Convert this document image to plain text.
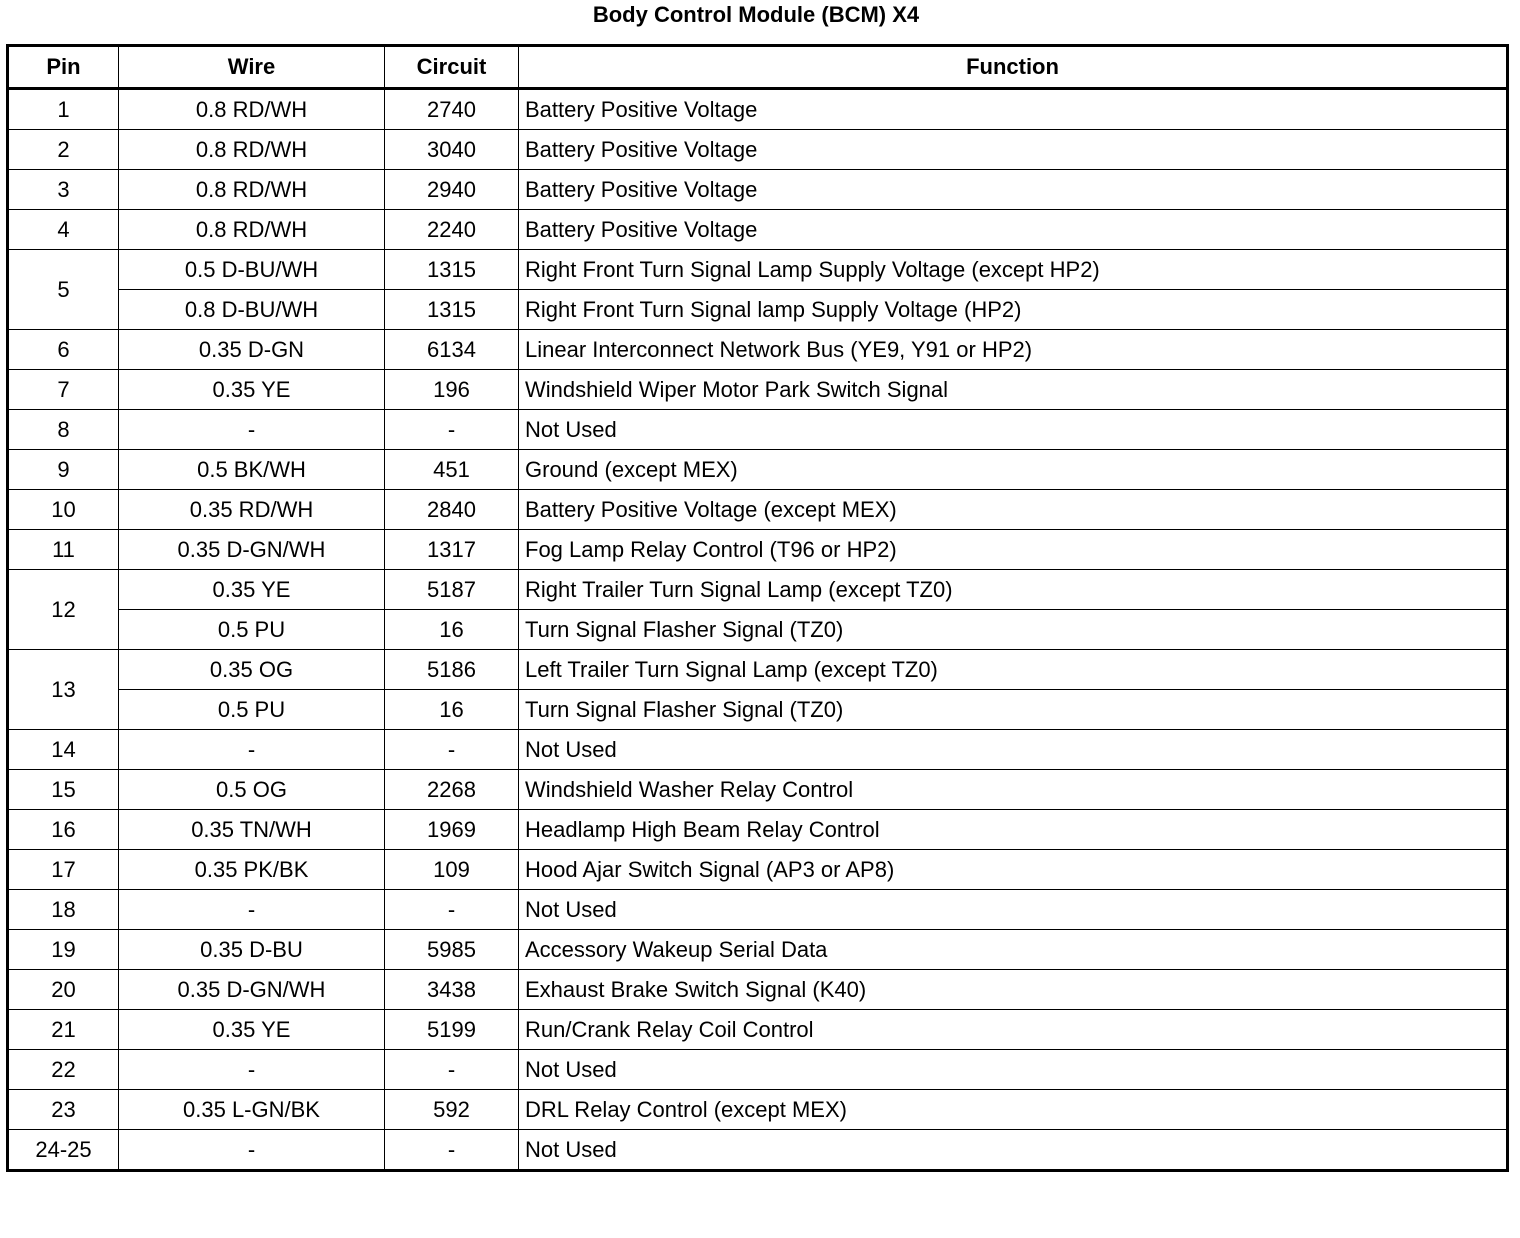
Body Control Module (BCM) X4
Pin	Wire	Circuit	Function
1	0.8 RD/WH	2740	Battery Positive Voltage
2	0.8 RD/WH	3040	Battery Positive Voltage
3	0.8 RD/WH	2940	Battery Positive Voltage
4	0.8 RD/WH	2240	Battery Positive Voltage
5	0.5 D-BU/WH	1315	Right Front Turn Signal Lamp Supply Voltage (except HP2)
	0.8 D-BU/WH	1315	Right Front Turn Signal lamp Supply Voltage (HP2)
6	0.35 D-GN	6134	Linear Interconnect Network Bus (YE9, Y91 or HP2)
7	0.35 YE	196	Windshield Wiper Motor Park Switch Signal
8	-	-	Not Used
9	0.5 BK/WH	451	Ground (except MEX)
10	0.35 RD/WH	2840	Battery Positive Voltage (except MEX)
11	0.35 D-GN/WH	1317	Fog Lamp Relay Control (T96 or HP2)
12	0.35 YE	5187	Right Trailer Turn Signal Lamp (except TZ0)
	0.5 PU	16	Turn Signal Flasher Signal (TZ0)
13	0.35 OG	5186	Left Trailer Turn Signal Lamp (except TZ0)
	0.5 PU	16	Turn Signal Flasher Signal (TZ0)
14	-	-	Not Used
15	0.5 OG	2268	Windshield Washer Relay Control
16	0.35 TN/WH	1969	Headlamp High Beam Relay Control
17	0.35 PK/BK	109	Hood Ajar Switch Signal (AP3 or AP8)
18	-	-	Not Used
19	0.35 D-BU	5985	Accessory Wakeup Serial Data
20	0.35 D-GN/WH	3438	Exhaust Brake Switch Signal (K40)
21	0.35 YE	5199	Run/Crank Relay Coil Control
22	-	-	Not Used
23	0.35 L-GN/BK	592	DRL Relay Control (except MEX)
24-25	-	-	Not Used
